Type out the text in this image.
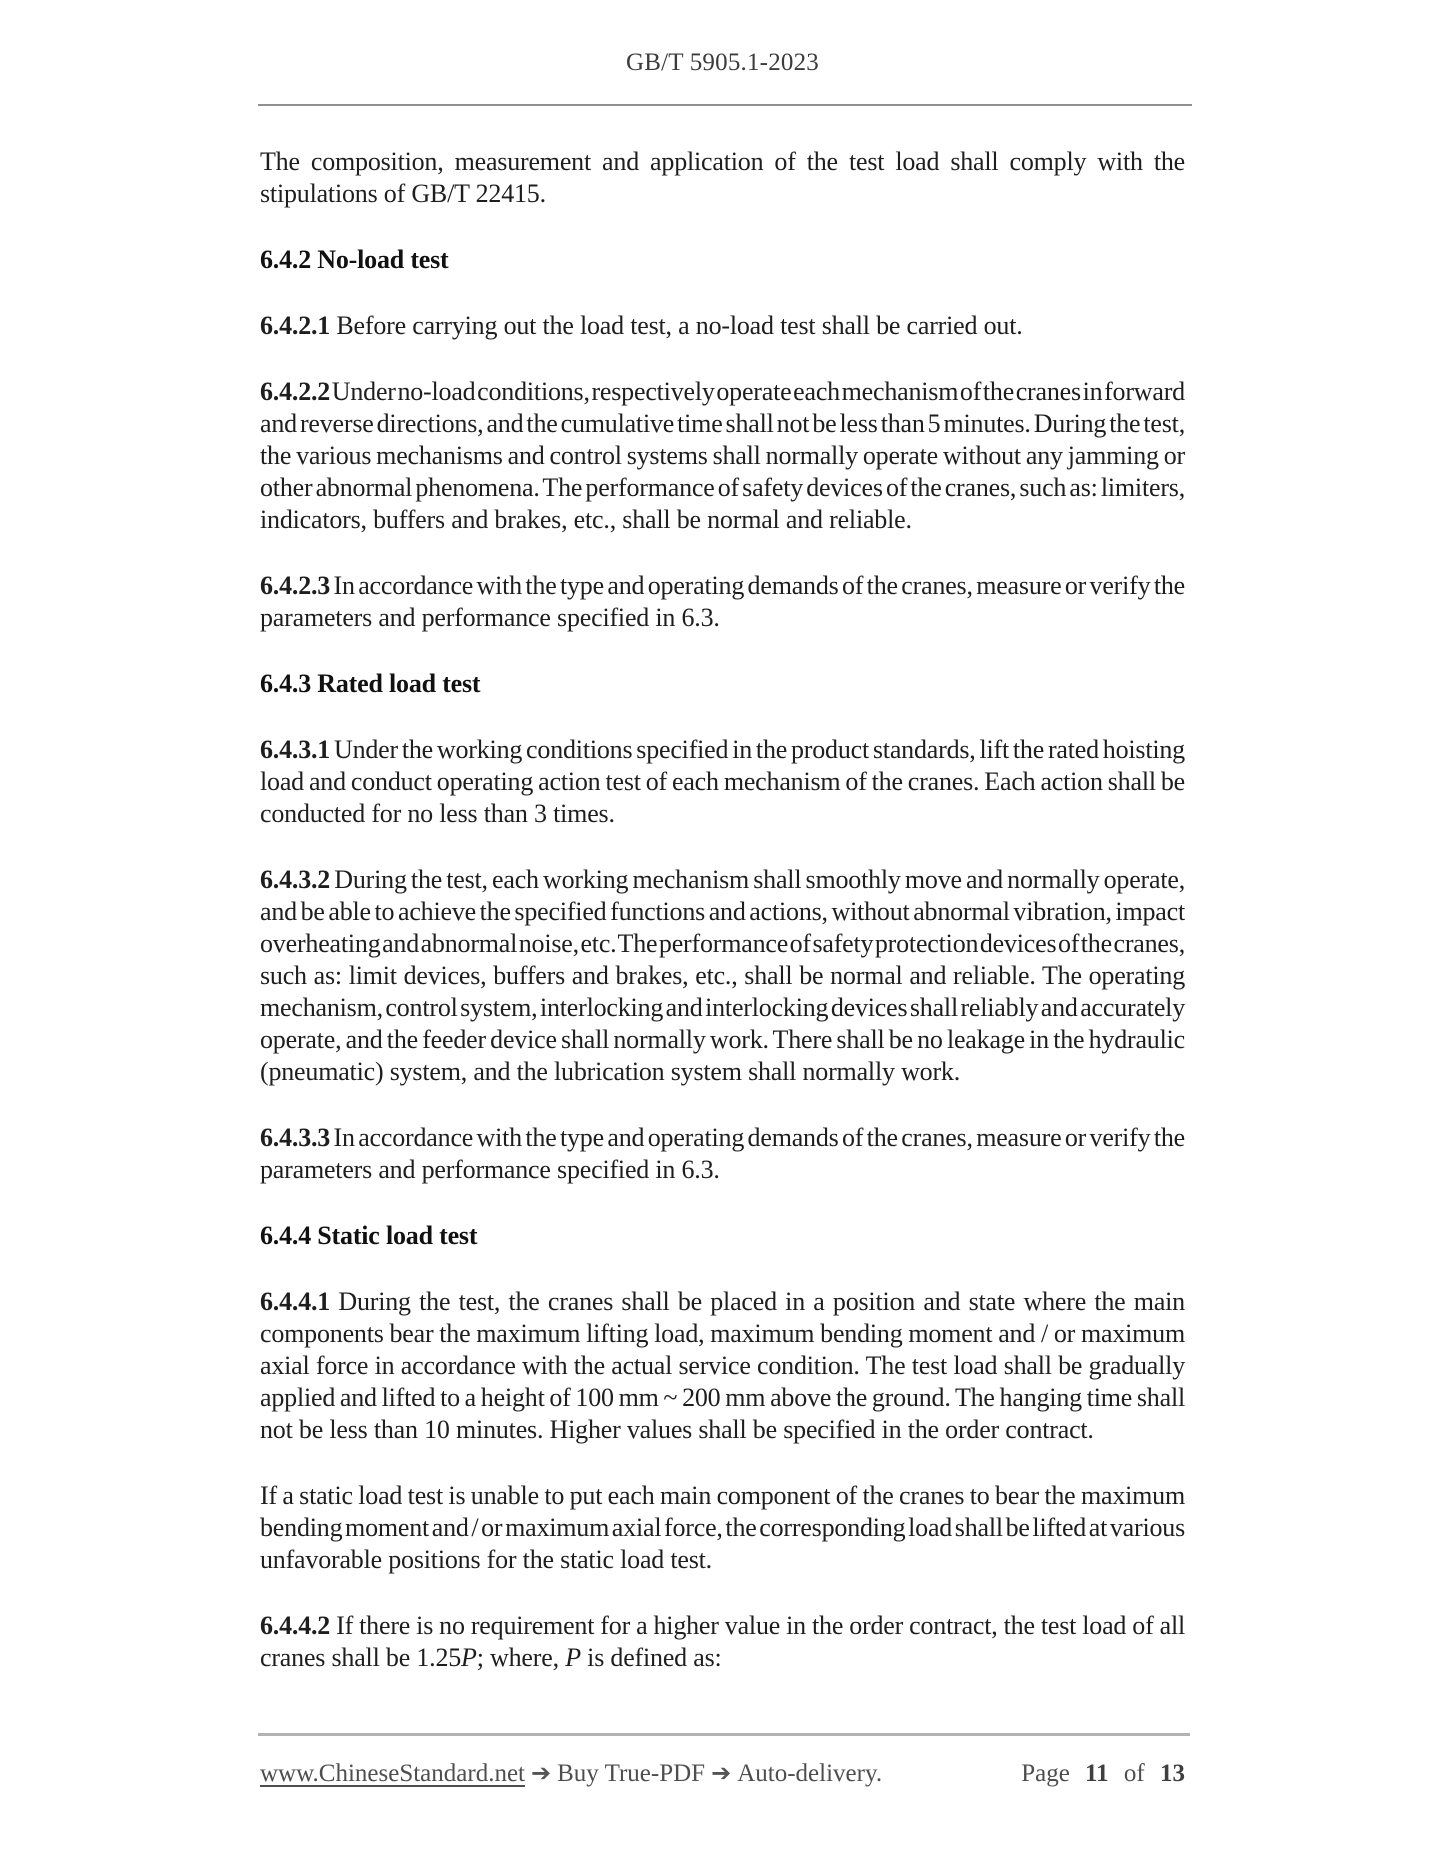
GB/T 5905.1-2023
The composition, measurement and application of the test load shall comply with the
stipulations of GB/T 22415.
6.4.2 No-load test
6.4.2.1 Before carrying out the load test, a no-load test shall be carried out.
6.4.2.2 Under no-load conditions, respectively operate each mechanism of the cranes in forward
and reverse directions, and the cumulative time shall not be less than 5 minutes. During the test,
the various mechanisms and control systems shall normally operate without any jamming or
other abnormal phenomena. The performance of safety devices of the cranes, such as: limiters,
indicators, buffers and brakes, etc., shall be normal and reliable.
6.4.2.3 In accordance with the type and operating demands of the cranes, measure or verify the
parameters and performance specified in 6.3.
6.4.3 Rated load test
6.4.3.1 Under the working conditions specified in the product standards, lift the rated hoisting
load and conduct operating action test of each mechanism of the cranes. Each action shall be
conducted for no less than 3 times.
6.4.3.2 During the test, each working mechanism shall smoothly move and normally operate,
and be able to achieve the specified functions and actions, without abnormal vibration, impact
overheating and abnormal noise, etc. The performance of safety protection devices of the cranes,
such as: limit devices, buffers and brakes, etc., shall be normal and reliable. The operating
mechanism, control system, interlocking and interlocking devices shall reliably and accurately
operate, and the feeder device shall normally work. There shall be no leakage in the hydraulic
(pneumatic) system, and the lubrication system shall normally work.
6.4.3.3 In accordance with the type and operating demands of the cranes, measure or verify the
parameters and performance specified in 6.3.
6.4.4 Static load test
6.4.4.1 During the test, the cranes shall be placed in a position and state where the main
components bear the maximum lifting load, maximum bending moment and / or maximum
axial force in accordance with the actual service condition. The test load shall be gradually
applied and lifted to a height of 100 mm ~ 200 mm above the ground. The hanging time shall
not be less than 10 minutes. Higher values shall be specified in the order contract.
If a static load test is unable to put each main component of the cranes to bear the maximum
bending moment and / or maximum axial force, the corresponding load shall be lifted at various
unfavorable positions for the static load test.
6.4.4.2 If there is no requirement for a higher value in the order contract, the test load of all
cranes shall be 1.25P; where, P is defined as:
www.ChineseStandard.net ➔ Buy True-PDF ➔ Auto-delivery.	Page 11 of 13
